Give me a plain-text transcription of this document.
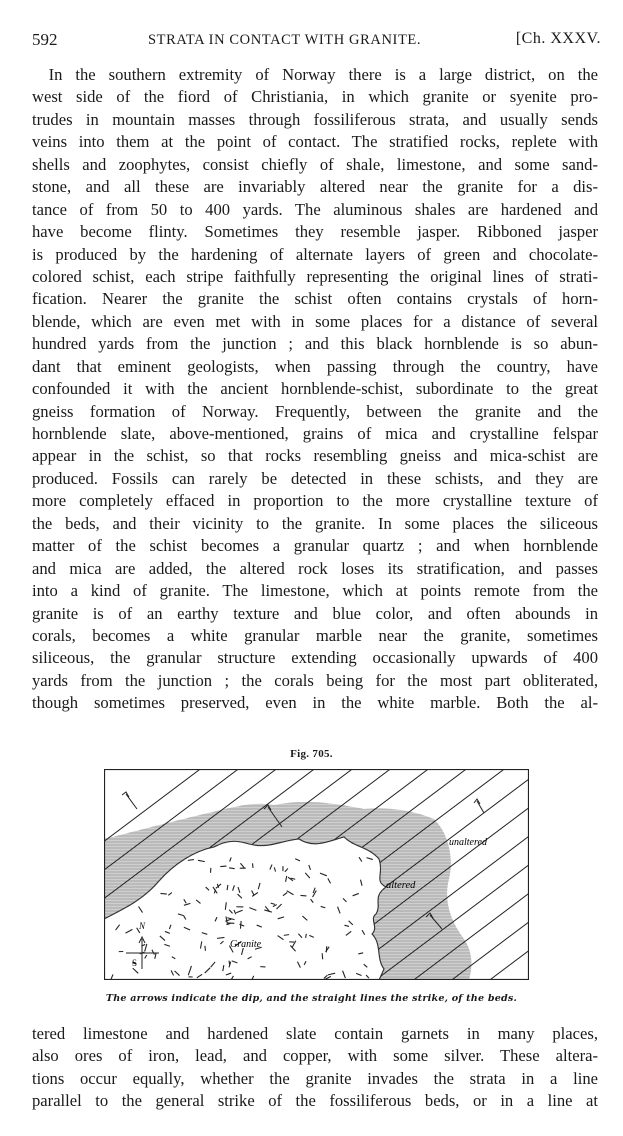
592	STRATA IN CONTACT WITH GRANITE.	[Ch. XXXV.
 In the southern extremity of Norway there is a large district, on the
west side of the fiord of Christiania, in which granite or syenite pro-
trudes in mountain masses through fossiliferous strata, and usually sends
veins into them at the point of contact. The stratified rocks, replete with
shells and zoophytes, consist chiefly of shale, limestone, and some sand-
stone, and all these are invariably altered near the granite for a dis-
tance of from 50 to 400 yards. The aluminous shales are hardened and
have become flinty. Sometimes they resemble jasper. Ribboned jasper
is produced by the hardening of alternate layers of green and chocolate-
colored schist, each stripe faithfully representing the original lines of strati-
fication. Nearer the granite the schist often contains crystals of horn-
blende, which are even met with in some places for a distance of several
hundred yards from the junction ; and this black hornblende is so abun-
dant that eminent geologists, when passing through the country, have
confounded it with the ancient hornblende-schist, subordinate to the great
gneiss formation of Norway. Frequently, between the granite and the
hornblende slate, above-mentioned, grains of mica and crystalline felspar
appear in the schist, so that rocks resembling gneiss and mica-schist are
produced. Fossils can rarely be detected in these schists, and they are
more completely effaced in proportion to the more crystalline texture of
the beds, and their vicinity to the granite. In some places the siliceous
matter of the schist becomes a granular quartz ; and when hornblende
and mica are added, the altered rock loses its stratification, and passes
into a kind of granite. The limestone, which at points remote from the
granite is of an earthy texture and blue color, and often abounds in
corals, becomes a white granular marble near the granite, sometimes
siliceous, the granular structure extending occasionally upwards of 400
yards from the junction ; the corals being for the most part obliterated,
though sometimes preserved, even in the white marble. Both the al-
Fig. 705.
N
S
Granite
altered
unaltered
The arrows indicate the dip, and the straight lines the strike, of the beds.
tered limestone and hardened slate contain garnets in many places,
also ores of iron, lead, and copper, with some silver. These altera-
tions occur equally, whether the granite invades the strata in a line
parallel to the general strike of the fossiliferous beds, or in a line at
